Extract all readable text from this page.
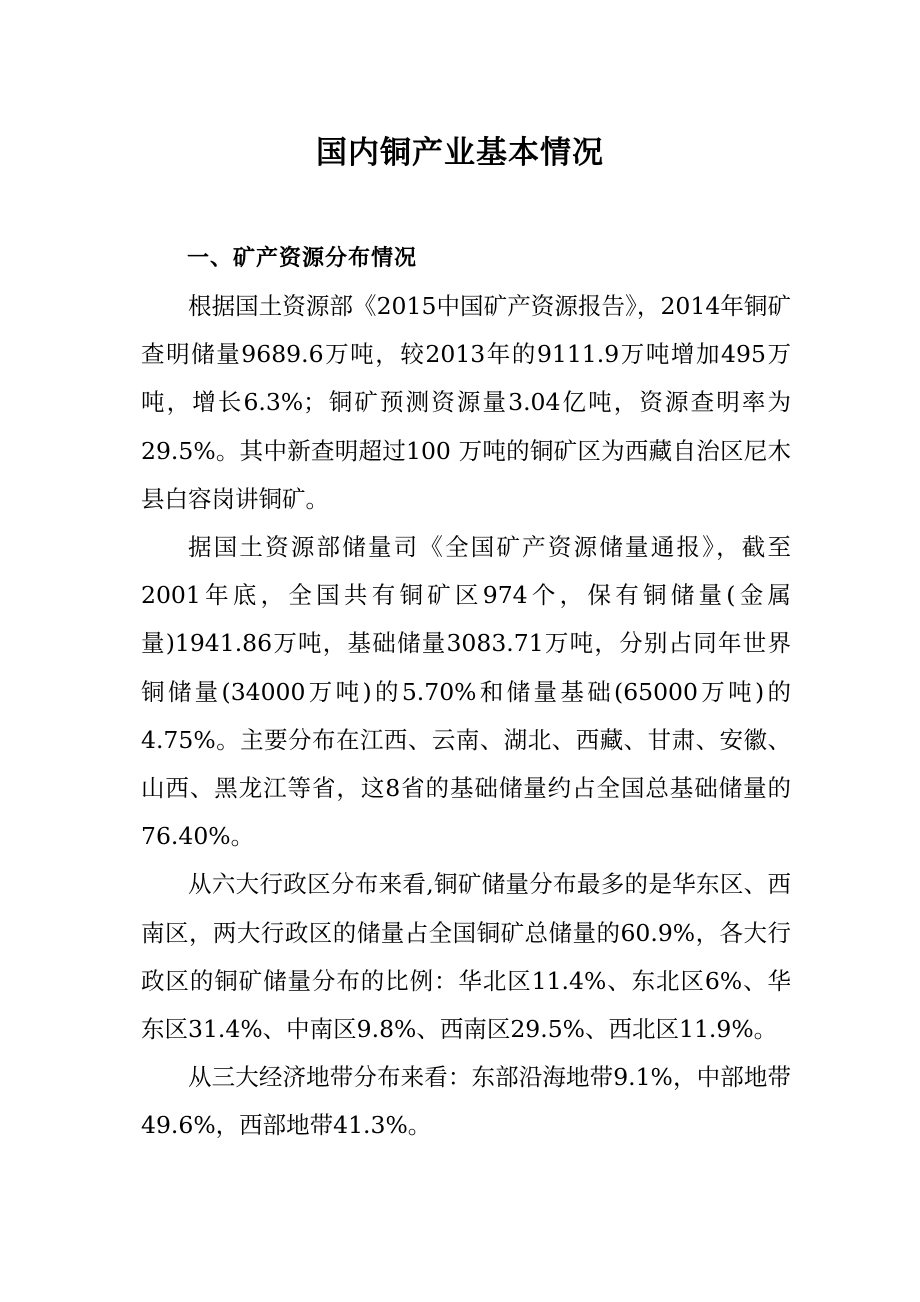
国内铜产业基本情况
一、矿产资源分布情况

根据国土资源部《2015中国矿产资源报告》，2014年铜矿查明储量9689.6万吨，较2013年的9111.9万吨增加495万吨，增长6.3%；铜矿预测资源量3.04亿吨，资源查明率为29.5%。其中新查明超过100 万吨的铜矿区为西藏自治区尼木县白容岗讲铜矿。

据国土资源部储量司《全国矿产资源储量通报》，截至2001年底，全国共有铜矿区974个，保有铜储量(金属量)1941.86万吨，基础储量3083.71万吨，分别占同年世界铜储量(34000万吨)的5.70%和储量基础(65000万吨)的4.75%。主要分布在江西、云南、湖北、西藏、甘肃、安徽、山西、黑龙江等省，这8省的基础储量约占全国总基础储量的76.40%。

从六大行政区分布来看,铜矿储量分布最多的是华东区、西南区，两大行政区的储量占全国铜矿总储量的60.9%，各大行政区的铜矿储量分布的比例：华北区11.4%、东北区6%、华东区31.4%、中南区9.8%、西南区29.5%、西北区11.9%。

从三大经济地带分布来看：东部沿海地带9.1%，中部地带49.6%，西部地带41.3%。
